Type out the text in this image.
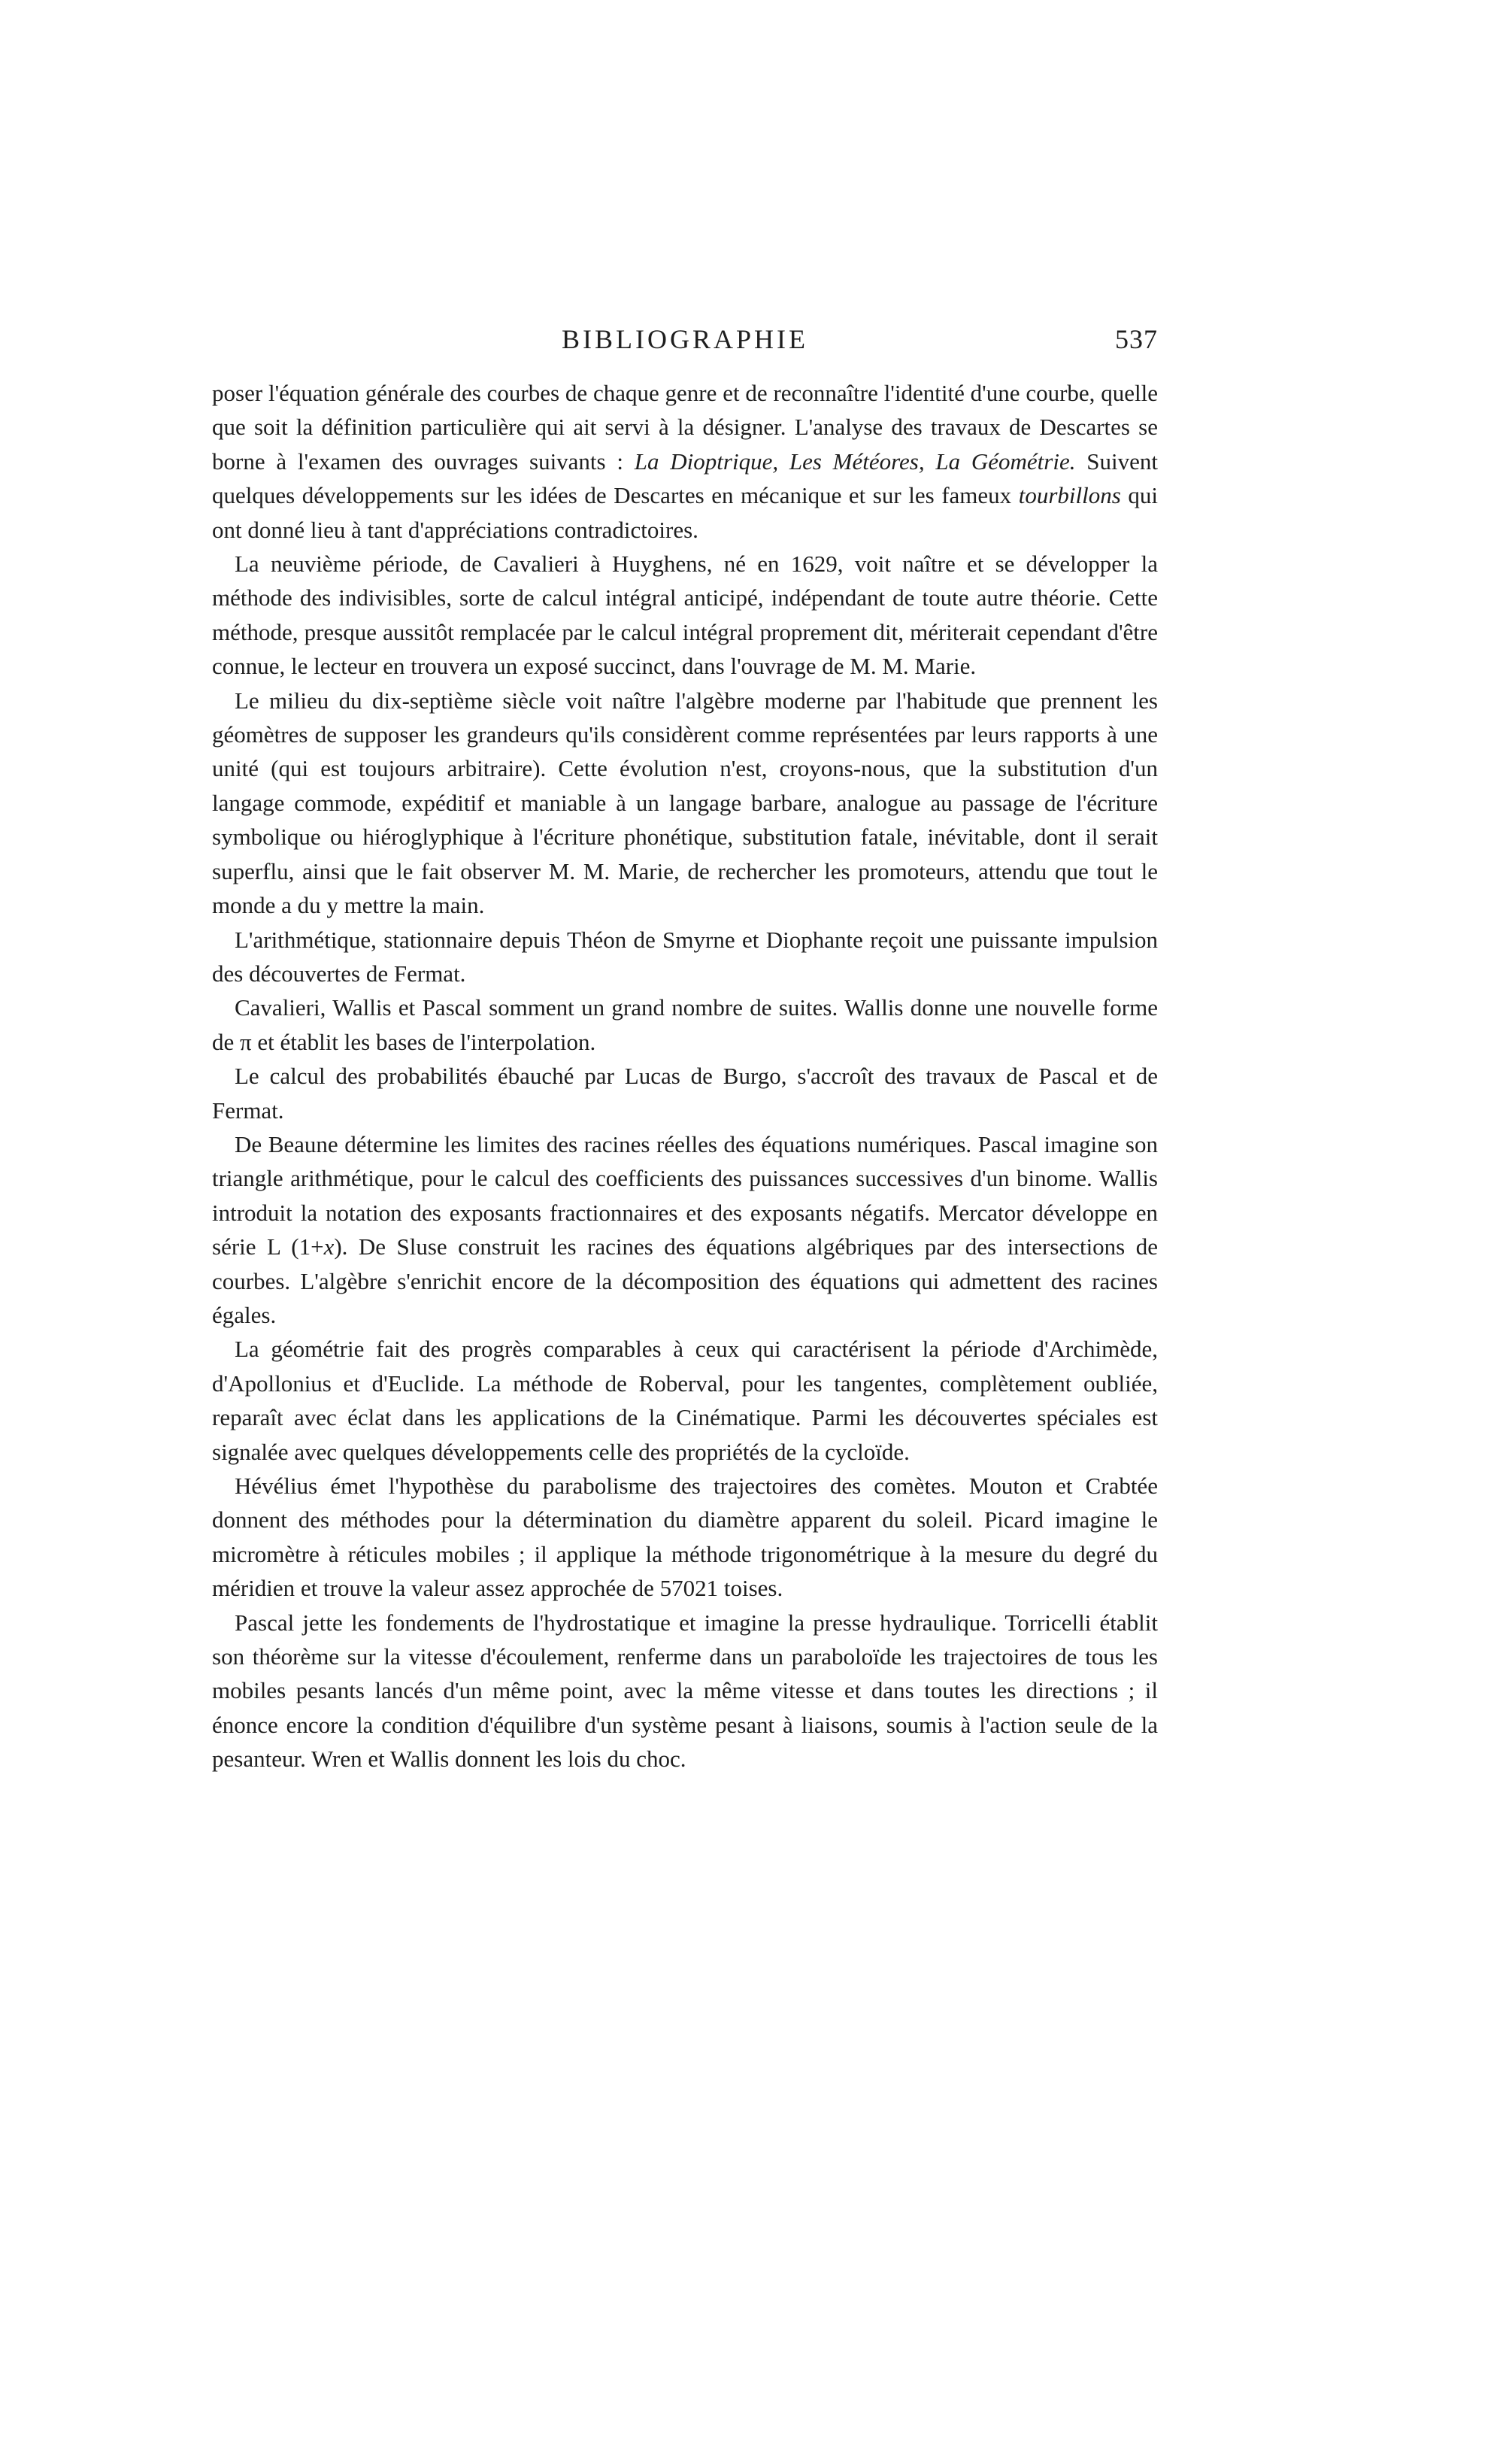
BIBLIOGRAPHIE	537

poser l'équation générale des courbes de chaque genre et de reconnaître l'identité d'une courbe, quelle que soit la définition particulière qui ait servi à la désigner. L'analyse des travaux de Descartes se borne à l'examen des ouvrages suivants : La Dioptrique, Les Météores, La Géométrie. Suivent quelques développements sur les idées de Descartes en mécanique et sur les fameux tourbillons qui ont donné lieu à tant d'appréciations contradictoires.

La neuvième période, de Cavalieri à Huyghens, né en 1629, voit naître et se développer la méthode des indivisibles, sorte de calcul intégral anticipé, indépendant de toute autre théorie. Cette méthode, presque aussitôt remplacée par le calcul intégral proprement dit, mériterait cependant d'être connue, le lecteur en trouvera un exposé succinct, dans l'ouvrage de M. M. Marie.

Le milieu du dix-septième siècle voit naître l'algèbre moderne par l'habitude que prennent les géomètres de supposer les grandeurs qu'ils considèrent comme représentées par leurs rapports à une unité (qui est toujours arbitraire). Cette évolution n'est, croyons-nous, que la substitution d'un langage commode, expéditif et maniable à un langage barbare, analogue au passage de l'écriture symbolique ou hiéroglyphique à l'écriture phonétique, substitution fatale, inévitable, dont il serait superflu, ainsi que le fait observer M. M. Marie, de rechercher les promoteurs, attendu que tout le monde a du y mettre la main.

L'arithmétique, stationnaire depuis Théon de Smyrne et Diophante reçoit une puissante impulsion des découvertes de Fermat.

Cavalieri, Wallis et Pascal somment un grand nombre de suites. Wallis donne une nouvelle forme de π et établit les bases de l'interpolation.

Le calcul des probabilités ébauché par Lucas de Burgo, s'accroît des travaux de Pascal et de Fermat.

De Beaune détermine les limites des racines réelles des équations numériques. Pascal imagine son triangle arithmétique, pour le calcul des coefficients des puissances successives d'un binome. Wallis introduit la notation des exposants fractionnaires et des exposants négatifs. Mercator développe en série L (1+x). De Sluse construit les racines des équations algébriques par des intersections de courbes. L'algèbre s'enrichit encore de la décomposition des équations qui admettent des racines égales.

La géométrie fait des progrès comparables à ceux qui caractérisent la période d'Archimède, d'Apollonius et d'Euclide. La méthode de Roberval, pour les tangentes, complètement oubliée, reparaît avec éclat dans les applications de la Cinématique. Parmi les découvertes spéciales est signalée avec quelques développements celle des propriétés de la cycloïde.

Hévélius émet l'hypothèse du parabolisme des trajectoires des comètes. Mouton et Crabtée donnent des méthodes pour la détermination du diamètre apparent du soleil. Picard imagine le micromètre à réticules mobiles ; il applique la méthode trigonométrique à la mesure du degré du méridien et trouve la valeur assez approchée de 57021 toises.

Pascal jette les fondements de l'hydrostatique et imagine la presse hydraulique. Torricelli établit son théorème sur la vitesse d'écoulement, renferme dans un paraboloïde les trajectoires de tous les mobiles pesants lancés d'un même point, avec la même vitesse et dans toutes les directions ; il énonce encore la condition d'équilibre d'un système pesant à liaisons, soumis à l'action seule de la pesanteur. Wren et Wallis donnent les lois du choc.
